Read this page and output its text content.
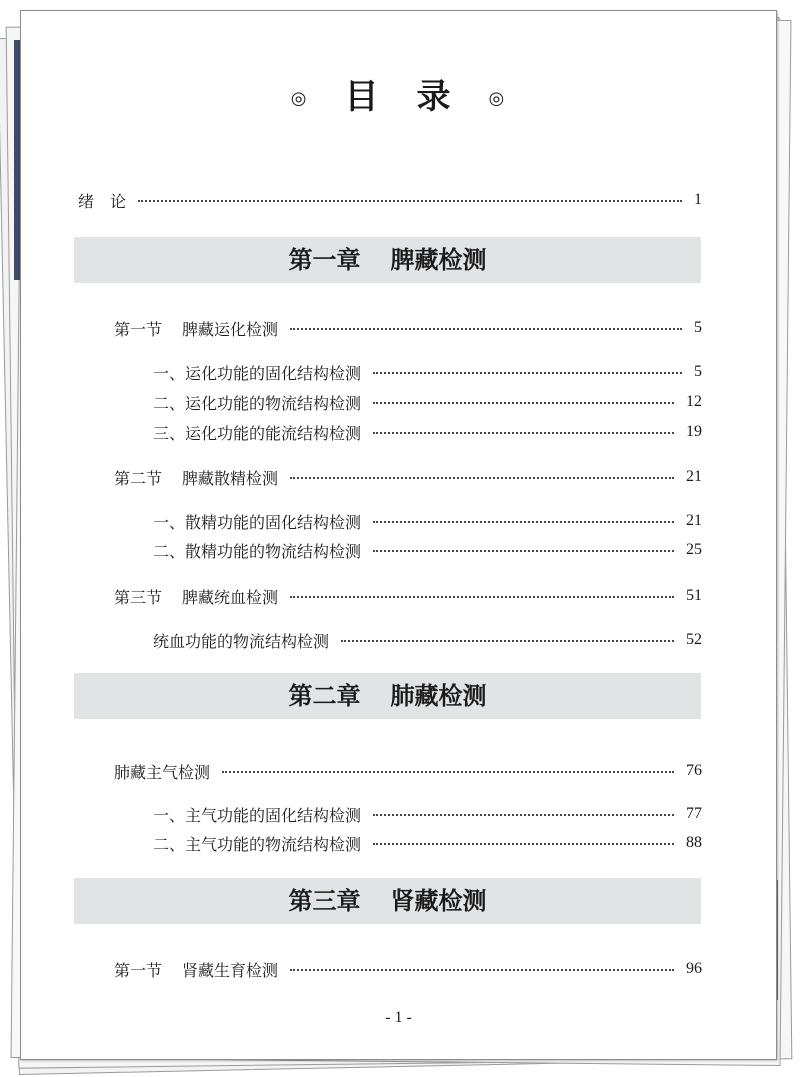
◎ 目 录 ◎
绪　论	1
第一章 脾藏检测
第一节 脾藏运化检测	5
一、运化功能的固化结构检测	5
二、运化功能的物流结构检测	12
三、运化功能的能流结构检测	19
第二节 脾藏散精检测	21
一、散精功能的固化结构检测	21
二、散精功能的物流结构检测	25
第三节 脾藏统血检测	51
统血功能的物流结构检测	52
第二章 肺藏检测
肺藏主气检测	76
一、主气功能的固化结构检测	77
二、主气功能的物流结构检测	88
第三章 肾藏检测
第一节 肾藏生育检测	96
- 1 -
